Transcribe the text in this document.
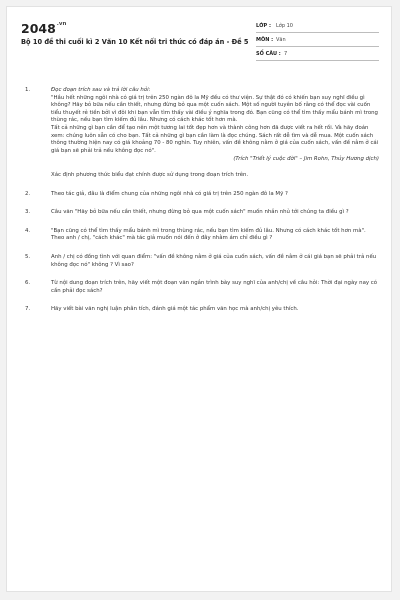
$2048^{.vn}$
Bộ 10 đề thi cuối kì 2 Văn 10 Kết nối tri thức có đáp án - Đề 5
LỚP : Lớp 10
MÔN : Văn
SỐ CÂU : 7
1.	Đọc đoạn trích sau và trả lời câu hỏi:

"Hầu hết những ngôi nhà có giá trị trên 250 ngàn đô la Mỹ đều có thư viện. Sự thật đó có khiến bạn suy nghĩ điều gì không? Hãy bỏ bữa nếu cần thiết, nhưng đừng bỏ qua một cuốn sách. Một số người tuyên bố rằng có thể đọc vài cuốn tiểu thuyết rẻ tiền bởi vì đôi khi bạn vẫn tìm thấy vài điều ý nghĩa trong đó. Bạn cũng có thể tìm thấy mẩu bánh mì trong thùng rác, nếu bạn tìm kiếm đủ lâu. Nhưng có cách khác tốt hơn mà.

Tất cả những gì bạn cần để tạo nên một tương lai tốt đẹp hơn và thành công hơn đã được viết ra hết rồi. Và hãy đoán xem: chúng luôn sẵn có cho bạn. Tất cả những gì bạn cần làm là đọc chúng. Sách rất dễ tìm và dễ mua. Một cuốn sách thông thường hiện nay có giá khoảng 70 - 80 nghìn. Tuy nhiên, vấn đề không nằm ở giá của cuốn sách, vấn đề nằm ở cái giá bạn sẽ phải trả nếu không đọc nó".

(Trích "Triết lý cuộc đời" – Jim Rohn, Thủy Hương dịch)

Xác định phương thức biểu đạt chính được sử dụng trong đoạn trích trên.

2.	Theo tác giả, đâu là điểm chung của những ngôi nhà có giá trị trên 250 ngàn đô la Mỹ ?

3.	Câu văn "Hãy bỏ bữa nếu cần thiết, nhưng đừng bỏ qua một cuốn sách" muốn nhắn nhủ tới chúng ta điều gì ?

4.	"Bạn cũng có thể tìm thấy mẩu bánh mì trong thùng rác, nếu bạn tìm kiếm đủ lâu. Nhưng có cách khác tốt hơn mà". Theo anh / chị, "cách khác" mà tác giả muốn nói đến ở đây nhằm ám chỉ điều gì ?

5.	Anh / chị có đồng tình với quan điểm: "vấn đề không nằm ở giá của cuốn sách, vấn đề nằm ở cái giá bạn sẽ phải trả nếu không đọc nó" không ? Vì sao?

6.	Từ nội dung đoạn trích trên, hãy viết một đoạn văn ngắn trình bày suy nghĩ của anh/chị về câu hỏi: Thời đại ngày nay có cần phải đọc sách?

7.	Hãy viết bài văn nghị luận phân tích, đánh giá một tác phẩm văn học mà anh/chị yêu thích.
